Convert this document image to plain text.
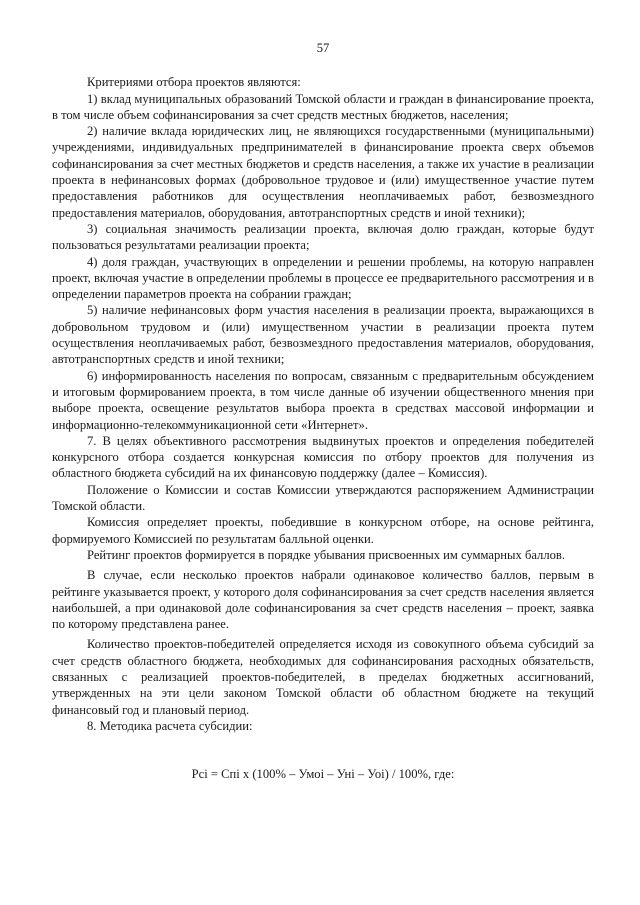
57

Критериями отбора проектов являются:

1) вклад муниципальных образований Томской области и граждан в финансирование проекта, в том числе объем софинансирования за счет средств местных бюджетов, населения;

2) наличие вклада юридических лиц, не являющихся государственными (муниципальными) учреждениями, индивидуальных предпринимателей в финансирование проекта сверх объемов софинансирования за счет местных бюджетов и средств населения, а также их участие в реализации проекта в нефинансовых формах (добровольное трудовое и (или) имущественное участие путем предоставления работников для осуществления неоплачиваемых работ, безвозмездного предоставления материалов, оборудования, автотранспортных средств и иной техники);

3) социальная значимость реализации проекта, включая долю граждан, которые будут пользоваться результатами реализации проекта;

4) доля граждан, участвующих в определении и решении проблемы, на которую направлен проект, включая участие в определении проблемы в процессе ее предварительного рассмотрения и в определении параметров проекта на собрании граждан;

5) наличие нефинансовых форм участия населения в реализации проекта, выражающихся в добровольном трудовом и (или) имущественном участии в реализации проекта путем осуществления неоплачиваемых работ, безвозмездного предоставления материалов, оборудования, автотранспортных средств и иной техники;

6) информированность населения по вопросам, связанным с предварительным обсуждением и итоговым формированием проекта, в том числе данные об изучении общественного мнения при выборе проекта, освещение результатов выбора проекта в средствах массовой информации и информационно-телекоммуникационной сети «Интернет».

7. В целях объективного рассмотрения выдвинутых проектов и определения победителей конкурсного отбора создается конкурсная комиссия по отбору проектов для получения из областного бюджета субсидий на их финансовую поддержку (далее – Комиссия).

Положение о Комиссии и состав Комиссии утверждаются распоряжением Администрации Томской области.

Комиссия определяет проекты, победившие в конкурсном отборе, на основе рейтинга, формируемого Комиссией по результатам балльной оценки.

Рейтинг проектов формируется в порядке убывания присвоенных им суммарных баллов.

В случае, если несколько проектов набрали одинаковое количество баллов, первым в рейтинге указывается проект, у которого доля софинансирования за счет средств населения является наибольшей, а при одинаковой доле софинансирования за счет средств населения – проект, заявка по которому представлена ранее.

Количество проектов-победителей определяется исходя из совокупного объема субсидий за счет средств областного бюджета, необходимых для софинансирования расходных обязательств, связанных с реализацией проектов-победителей, в пределах бюджетных ассигнований, утвержденных на эти цели законом Томской области об областном бюджете на текущий финансовый год и плановый период.

8. Методика расчета субсидии:

Pci = Cпi x (100% – Умоi – Унi – Уоi) / 100%, где:
